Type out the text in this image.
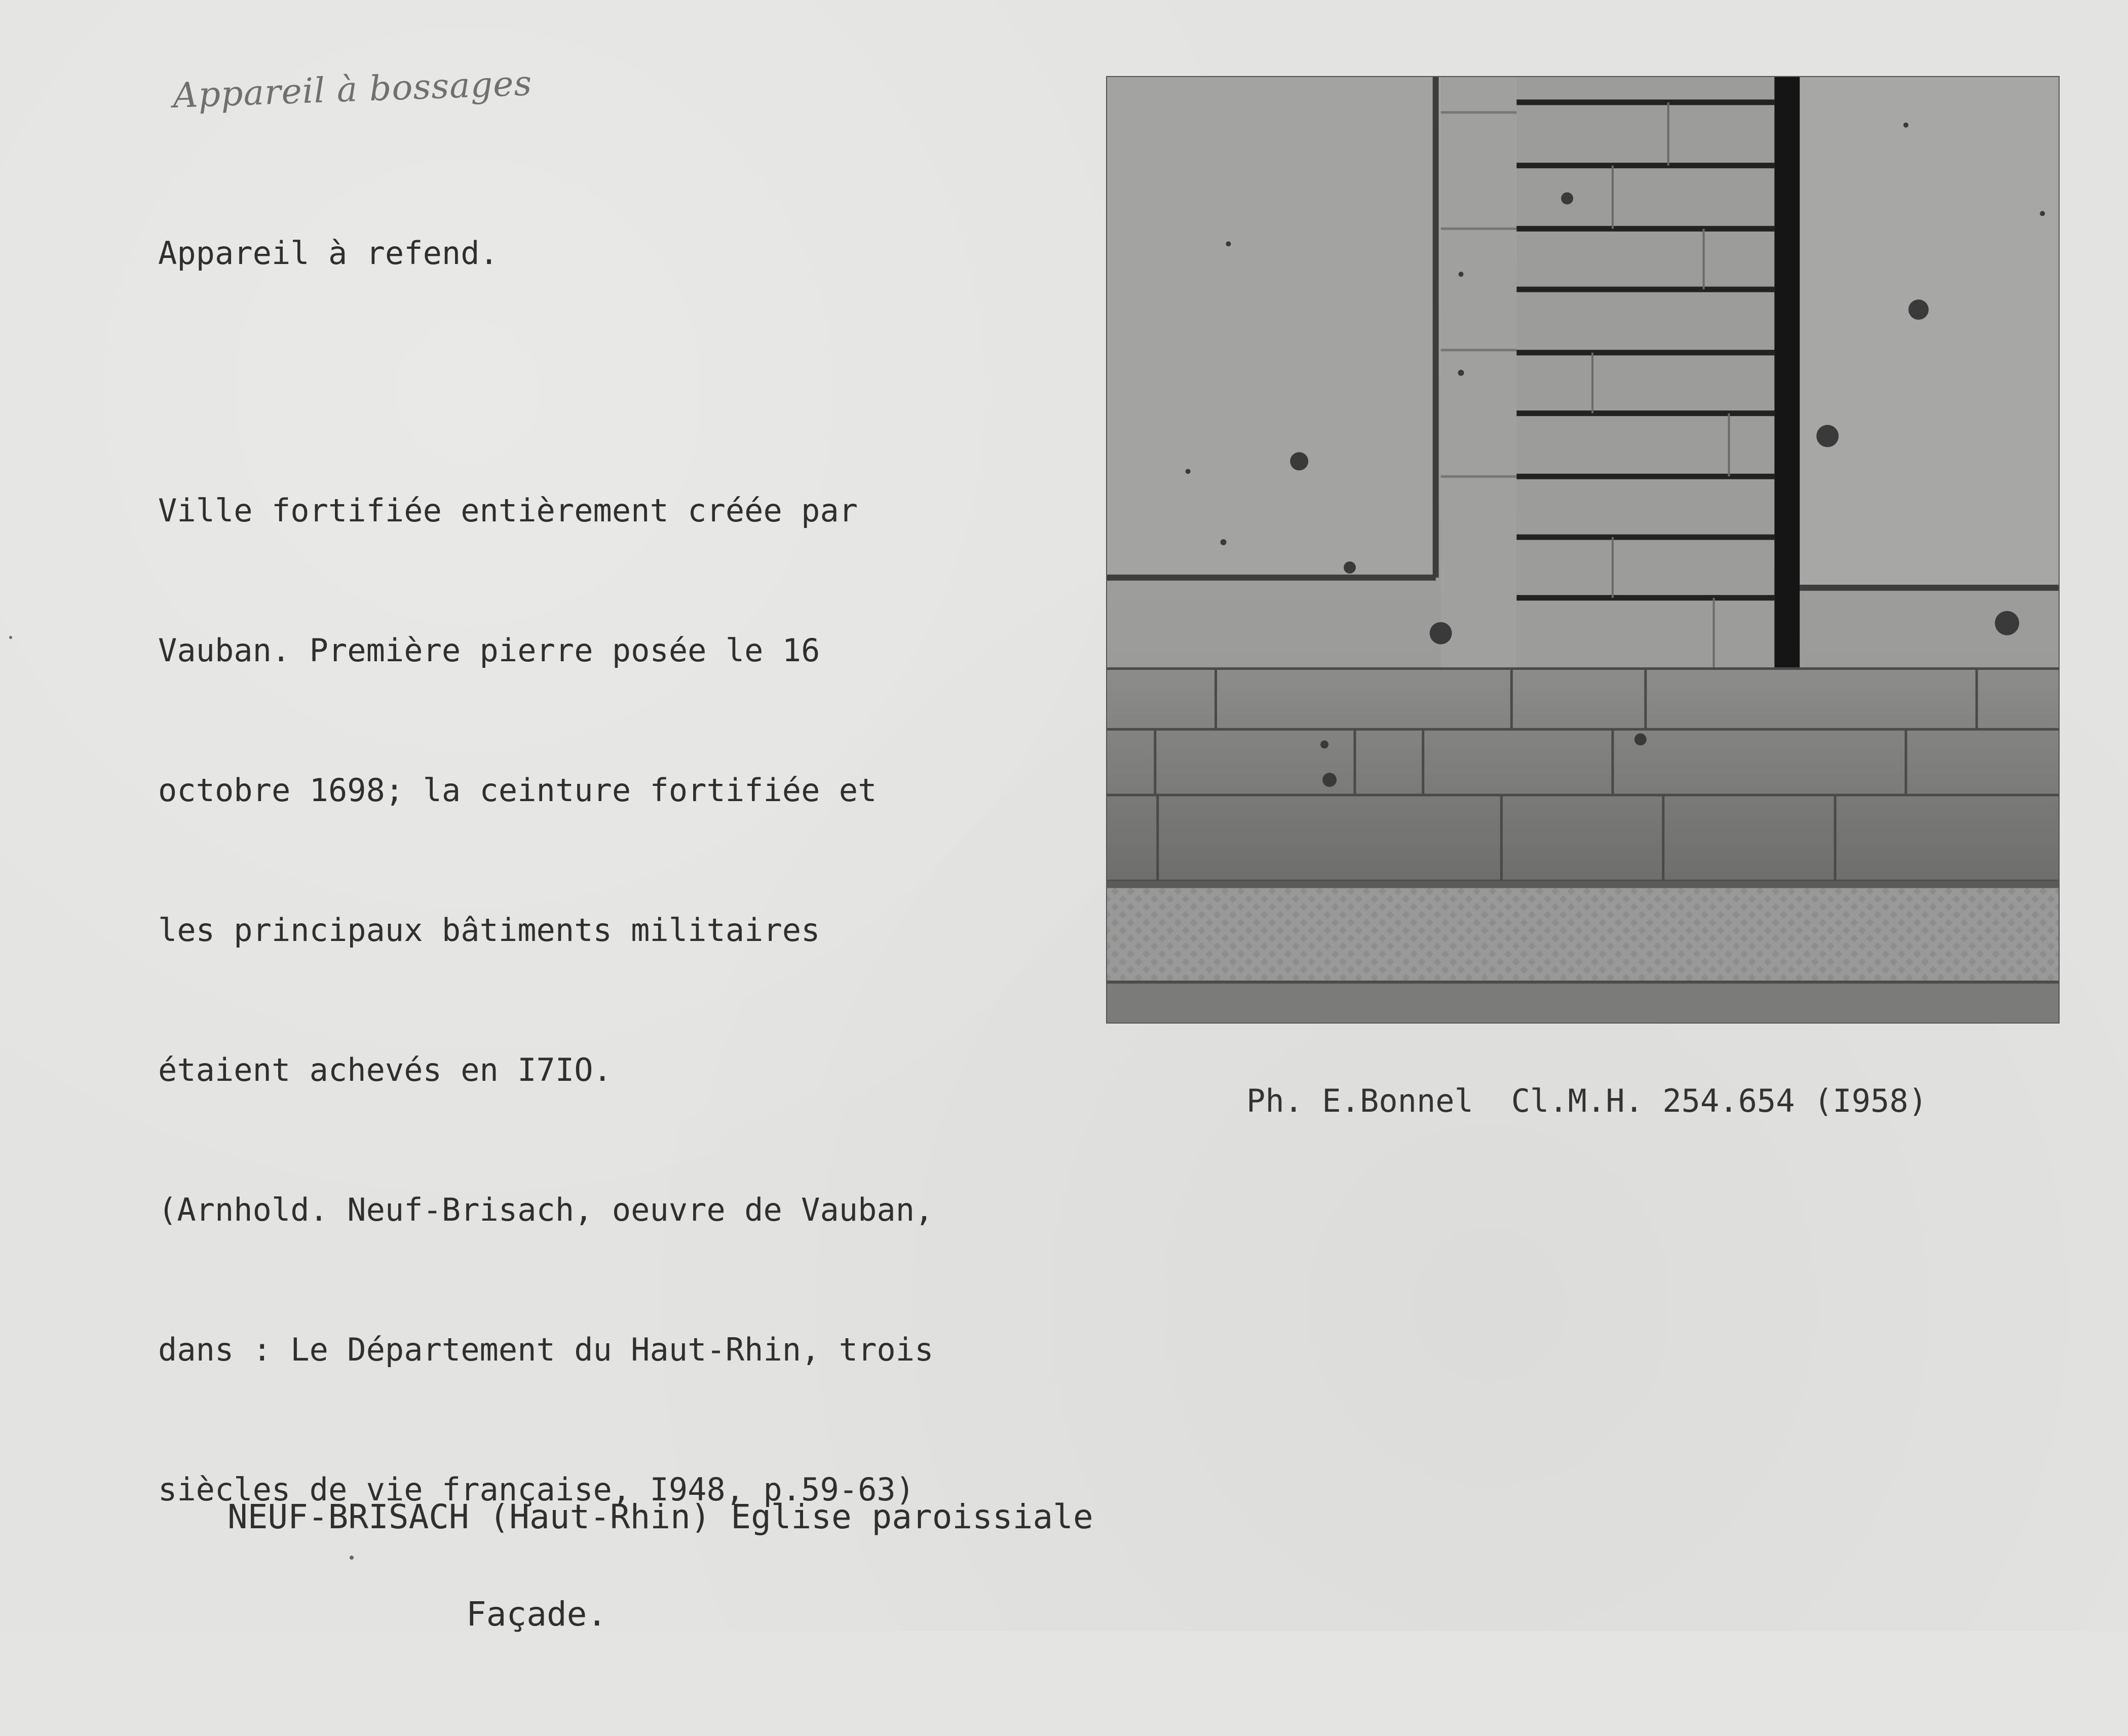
Appareil à bossages

Appareil à refend.

Ville fortifiée entièrement créée par

Vauban. Première pierre posée le 16

octobre 1698; la ceinture fortifiée et

les principaux bâtiments militaires

étaient achevés en I7IO.

(Arnhold. Neuf-Brisach, oeuvre de Vauban,

dans : Le Département du Haut-Rhin, trois

siècles de vie française, I948, p.59-63)

Ph. E.Bonnel  Cl.M.H. 254.654 (I958)

NEUF-BRISACH (Haut-Rhin) Eglise paroissiale

Façade.
